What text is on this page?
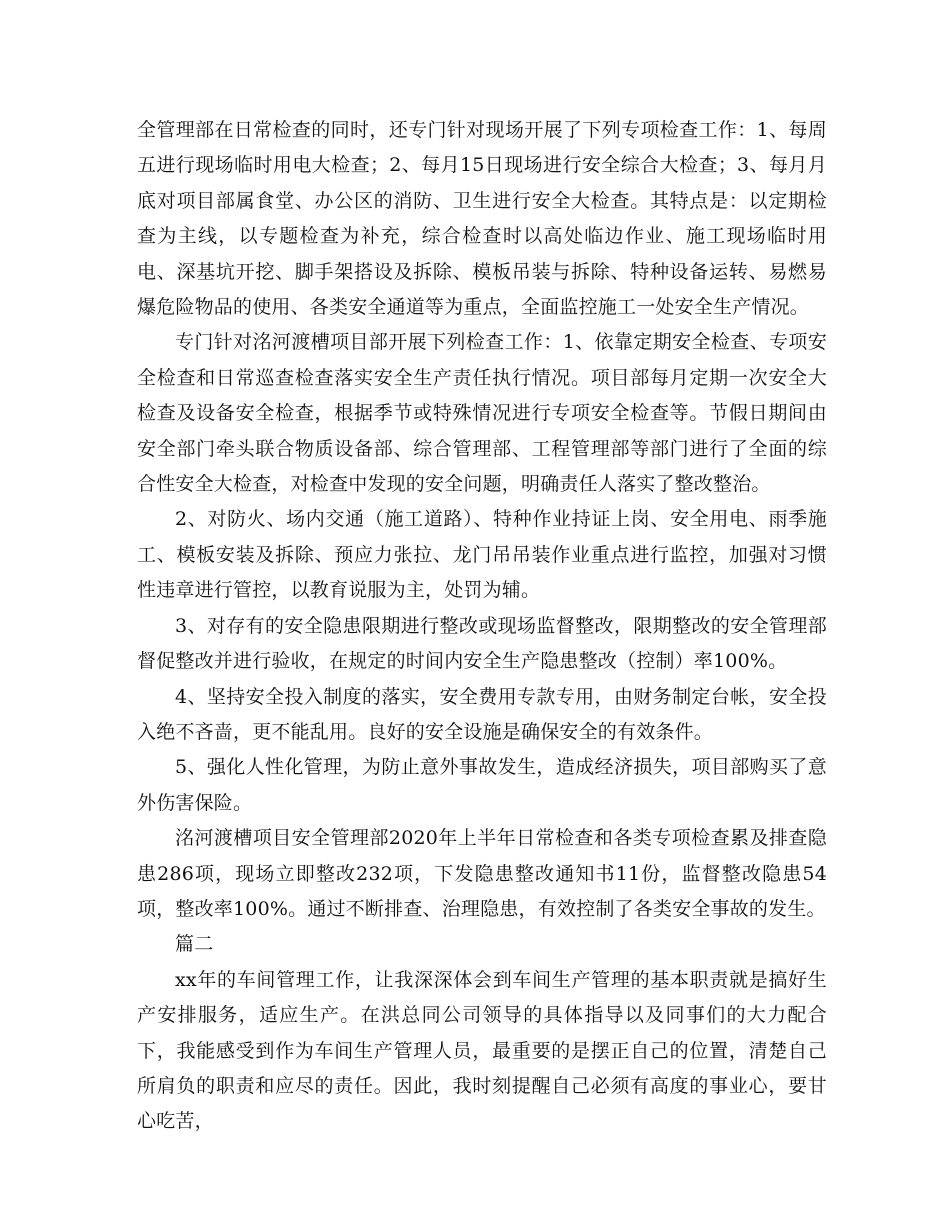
全管理部在日常检查的同时，还专门针对现场开展了下列专项检查工作：1、每周五进行现场临时用电大检查；2、每月15日现场进行安全综合大检查；3、每月月底对项目部属食堂、办公区的消防、卫生进行安全大检查。其特点是：以定期检查为主线，以专题检查为补充，综合检查时以高处临边作业、施工现场临时用电、深基坑开挖、脚手架搭设及拆除、模板吊装与拆除、特种设备运转、易燃易爆危险物品的使用、各类安全通道等为重点，全面监控施工一处安全生产情况。

专门针对洺河渡槽项目部开展下列检查工作：1、依靠定期安全检查、专项安全检查和日常巡查检查落实安全生产责任执行情况。项目部每月定期一次安全大检查及设备安全检查，根据季节或特殊情况进行专项安全检查等。节假日期间由安全部门牵头联合物质设备部、综合管理部、工程管理部等部门进行了全面的综合性安全大检查，对检查中发现的安全问题，明确责任人落实了整改整治。

2、对防火、场内交通（施工道路）、特种作业持证上岗、安全用电、雨季施工、模板安装及拆除、预应力张拉、龙门吊吊装作业重点进行监控，加强对习惯性违章进行管控，以教育说服为主，处罚为辅。

3、对存有的安全隐患限期进行整改或现场监督整改，限期整改的安全管理部督促整改并进行验收，在规定的时间内安全生产隐患整改（控制）率100%。

4、坚持安全投入制度的落实，安全费用专款专用，由财务制定台帐，安全投入绝不吝啬，更不能乱用。良好的安全设施是确保安全的有效条件。

5、强化人性化管理，为防止意外事故发生，造成经济损失，项目部购买了意外伤害保险。

洺河渡槽项目安全管理部2020年上半年日常检查和各类专项检查累及排查隐患286项，现场立即整改232项，下发隐患整改通知书11份，监督整改隐患54项，整改率100%。通过不断排查、治理隐患，有效控制了各类安全事故的发生。

篇二

xx年的车间管理工作，让我深深体会到车间生产管理的基本职责就是搞好生产安排服务，适应生产。在洪总同公司领导的具体指导以及同事们的大力配合下，我能感受到作为车间生产管理人员，最重要的是摆正自己的位置，清楚自己所肩负的职责和应尽的责任。因此，我时刻提醒自己必须有高度的事业心，要甘心吃苦，
